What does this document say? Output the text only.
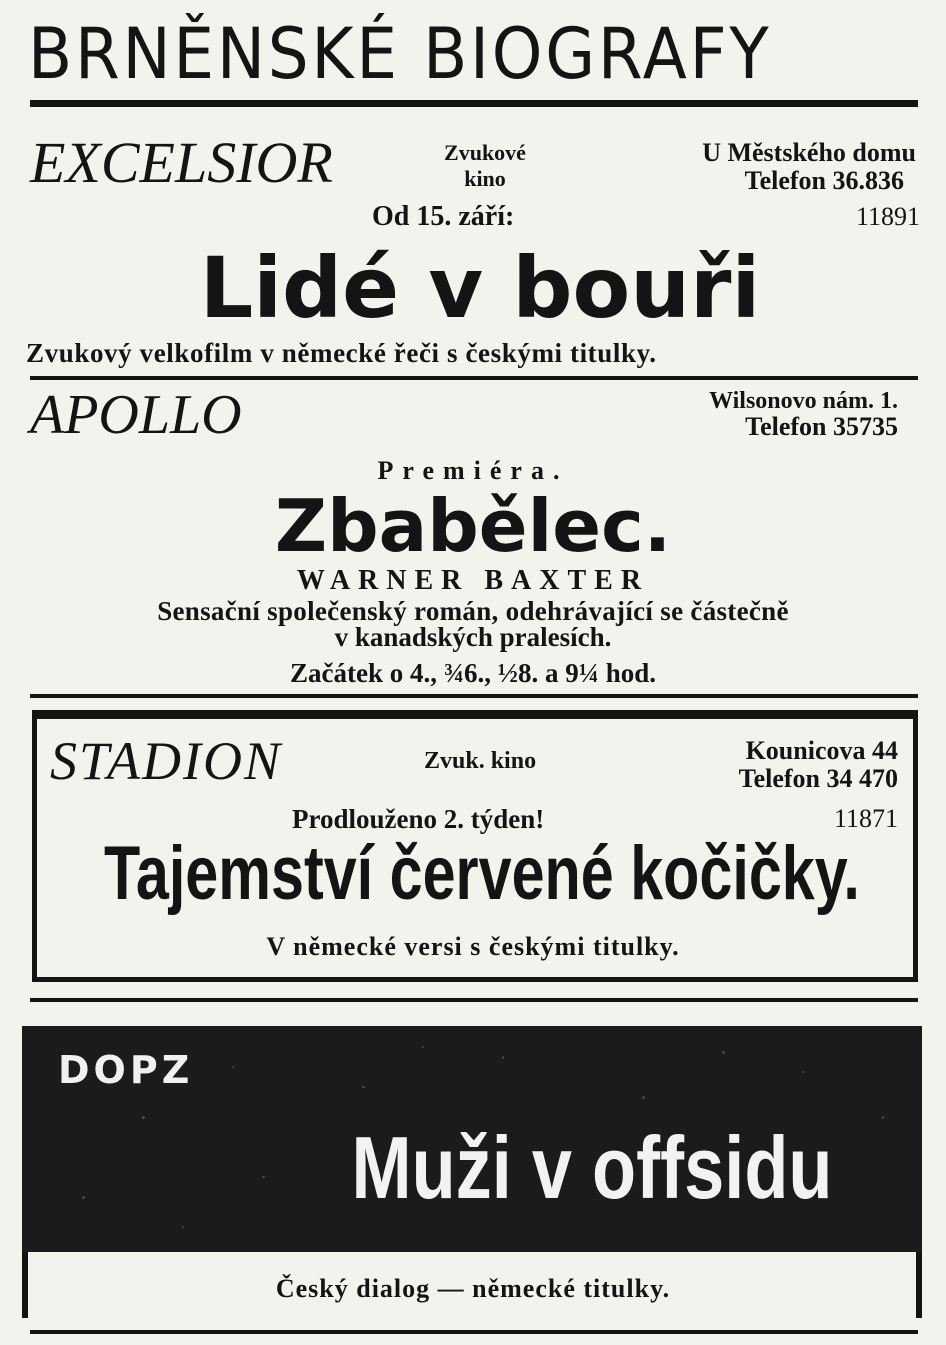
BRNĚNSKÉ BIOGRAFY
EXCELSIOR	Zvukové
kino
U Městského domu
Telefon 36.836
Od 15. září:	11891
Lidé v bouři
Zvukový velkofilm v německé řeči s českými titulky.
APOLLO	Wilsonovo nám. 1.
Telefon 35735
Premiéra.
Zbabělec.
WARNER BAXTER
Sensační společenský román, odehrávající se částečně
v kanadských pralesích.
Začátek o 4., ¾6., ½8. a 9¼ hod.
STADION	Zvuk. kino	Kounicova 44
Telefon 34 470
Prodlouženo 2. týden!	11871
Tajemství červené kočičky.
V německé versi s českými titulky.
DOPZ
Muži v offsidu
Český dialog — německé titulky.
